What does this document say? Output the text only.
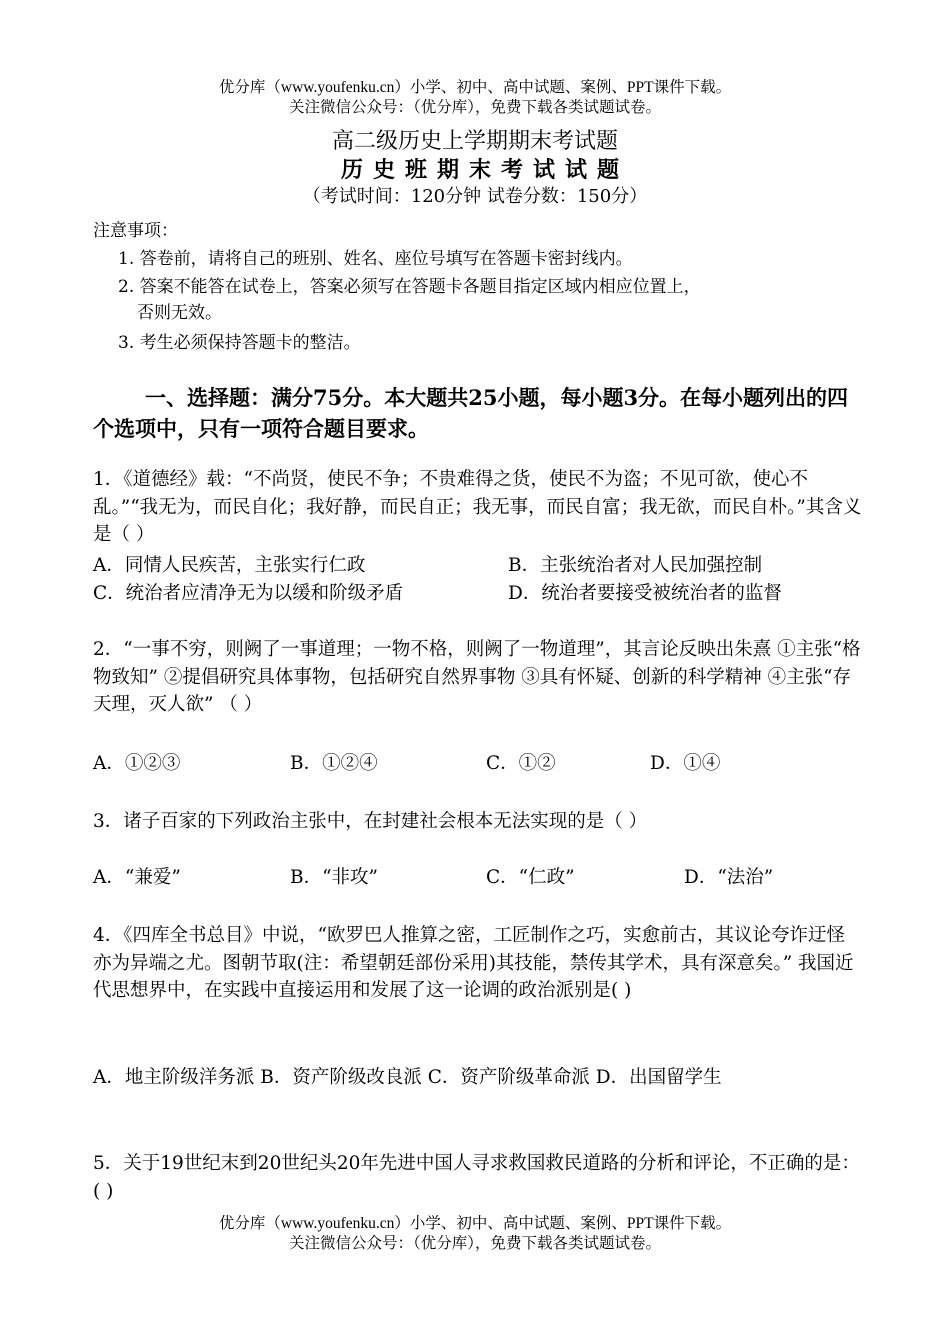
优分库（www.youfenku.cn）小学、初中、高中试题、案例、PPT课件下载。
关注微信公众号：（优分库），免费下载各类试题试卷。
高二级历史上学期期末考试题
历史班期末考试试题
（考试时间：120分钟 试卷分数：150分）
注意事项：
1. 答卷前，请将自己的班别、姓名、座位号填写在答题卡密封线内。
2. 答案不能答在试卷上，答案必须写在答题卡各题目指定区域内相应位置上，
否则无效。
3. 考生必须保持答题卡的整洁。
一、选择题：满分75分。本大题共25小题，每小题3分。在每小题列出的四个选项中，只有一项符合题目要求。
1．《道德经》载：“不尚贤，使民不争；不贵难得之货，使民不为盗；不见可欲，使心不乱。”“我无为，而民自化；我好静，而民自正；我无事，而民自富；我无欲，而民自朴。”其含义是（ ）
A．同情人民疾苦，主张实行仁政	B．主张统治者对人民加强控制
C．统治者应清净无为以缓和阶级矛盾	D．统治者要接受被统治者的监督
2．“一事不穷，则阙了一事道理；一物不格，则阙了一物道理”，其言论反映出朱熹 ①主张“格物致知” ②提倡研究具体事物，包括研究自然界事物 ③具有怀疑、创新的科学精神 ④主张“存天理，灭人欲” （ ）
A．①②③	B．①②④	C．①②	D．①④
3．诸子百家的下列政治主张中，在封建社会根本无法实现的是（ ）
A．“兼爱”	B．“非攻”	C．“仁政”	D．“法治”
4．《四库全书总目》中说，“欧罗巴人推算之密，工匠制作之巧，实愈前古，其议论夸诈迂怪亦为异端之尤。图朝节取(注：希望朝廷部份采用)其技能，禁传其学术，具有深意矣。” 我国近代思想界中，在实践中直接运用和发展了这一论调的政治派别是( )
A．地主阶级洋务派 B．资产阶级改良派 C．资产阶级革命派 D．出国留学生
5．关于19世纪末到20世纪头20年先进中国人寻求救国救民道路的分析和评论，不正确的是：( )
优分库（www.youfenku.cn）小学、初中、高中试题、案例、PPT课件下载。
关注微信公众号：（优分库），免费下载各类试题试卷。
